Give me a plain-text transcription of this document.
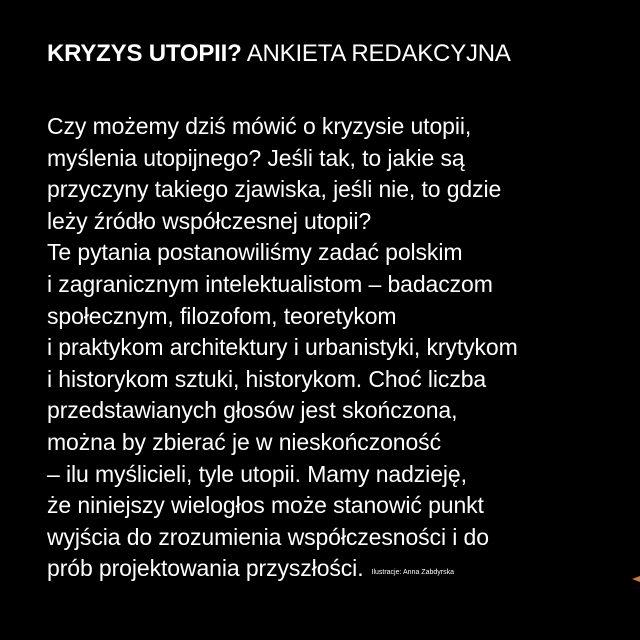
KRYZYS UTOPII? ANKIETA REDAKCYJNA
Czy możemy dziś mówić o kryzysie utopii,
myślenia utopijnego? Jeśli tak, to jakie są
przyczyny takiego zjawiska, jeśli nie, to gdzie
leży źródło współczesnej utopii?
Te pytania postanowiliśmy zadać polskim
i zagranicznym intelektualistom – badaczom
społecznym, filozofom, teoretykom
i praktykom architektury i urbanistyki, krytykom
i historykom sztuki, historykom. Choć liczba
przedstawianych głosów jest skończona,
można by zbierać je w nieskończoność
– ilu myślicieli, tyle utopii. Mamy nadzieję,
że niniejszy wielogłos może stanowić punkt
wyjścia do zrozumienia współczesności i do
prób projektowania przyszłości. Ilustracje: Anna Zabdyrska
